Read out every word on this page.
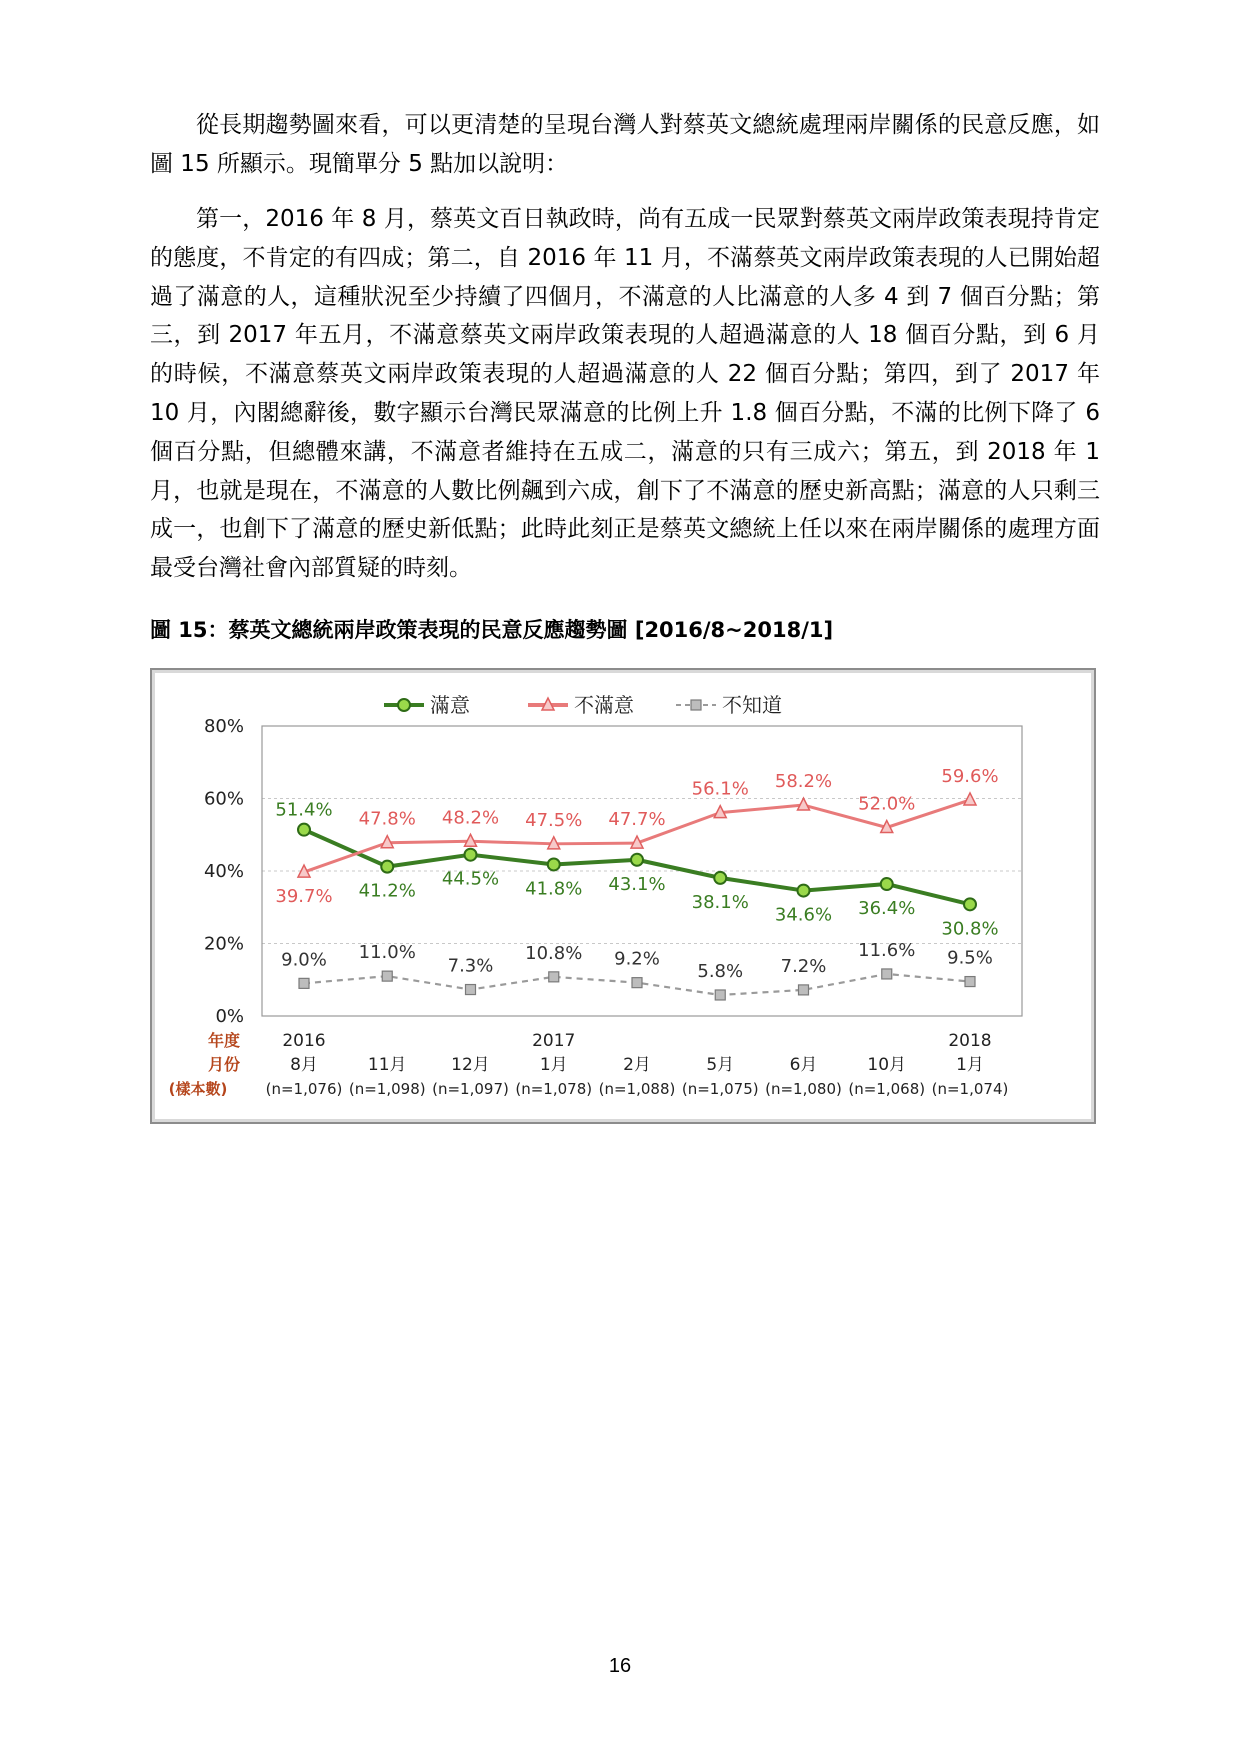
從長期趨勢圖來看，可以更清楚的呈現台灣人對蔡英文總統處理兩岸關係的民意反應，如圖 15 所顯示。現簡單分 5 點加以說明：

第一，2016 年 8 月，蔡英文百日執政時，尚有五成一民眾對蔡英文兩岸政策表現持肯定的態度，不肯定的有四成；第二，自 2016 年 11 月，不滿蔡英文兩岸政策表現的人已開始超過了滿意的人，這種狀況至少持續了四個月，不滿意的人比滿意的人多 4 到 7 個百分點；第三，到 2017 年五月，不滿意蔡英文兩岸政策表現的人超過滿意的人 18 個百分點，到 6 月的時候，不滿意蔡英文兩岸政策表現的人超過滿意的人 22 個百分點；第四，到了 2017 年 10 月，內閣總辭後，數字顯示台灣民眾滿意的比例上升 1.8 個百分點，不滿的比例下降了 6 個百分點，但總體來講，不滿意者維持在五成二，滿意的只有三成六；第五，到 2018 年 1 月，也就是現在，不滿意的人數比例飆到六成，創下了不滿意的歷史新高點；滿意的人只剩三成一，也創下了滿意的歷史新低點；此時此刻正是蔡英文總統上任以來在兩岸關係的處理方面最受台灣社會內部質疑的時刻。

圖 15：蔡英文總統兩岸政策表現的民意反應趨勢圖 [2016/8~2018/1]

0%
20%
40%
60%
80%
滿意	不滿意	不知道
51.4%
41.2%
44.5% 41.8% 43.1%
38.1%
34.6% 36.4%
30.8%
39.7%
47.8% 48.2% 47.5% 47.7%
56.1% 58.2%
52.0%
59.6%
9.0% 11.0%
7.3%
10.8% 9.2%
5.8% 7.2%
11.6% 9.5%
年度
月份
(樣本數)
2016
8月
(n=1,076)
11月
(n=1,098)
12月
(n=1,097)
2017
1月
(n=1,078)
2月
(n=1,088)
5月
(n=1,075)
6月
(n=1,080)
10月
(n=1,068)
2018
1月
(n=1,074)
16
